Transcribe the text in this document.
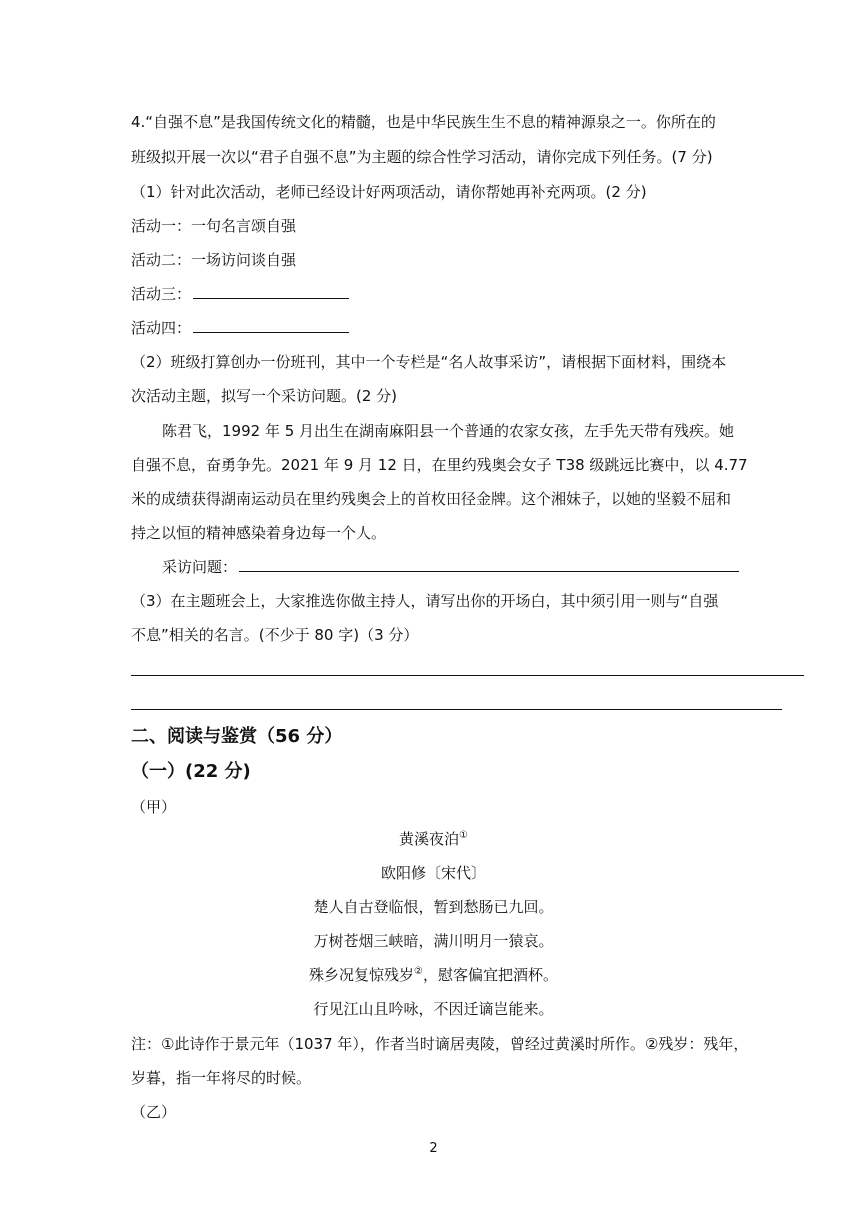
4.“自强不息”是我国传统文化的精髓，也是中华民族生生不息的精神源泉之一。你所在的
班级拟开展一次以“君子自强不息”为主题的综合性学习活动，请你完成下列任务。(7 分)
（1）针对此次活动，老师已经设计好两项活动，请你帮她再补充两项。(2 分)
活动一：一句名言颂自强
活动二：一场访问谈自强
活动三：
活动四：
（2）班级打算创办一份班刊，其中一个专栏是“名人故事采访”，请根据下面材料，围绕本
次活动主题，拟写一个采访问题。(2 分)
陈君飞，1992 年 5 月出生在湖南麻阳县一个普通的农家女孩，左手先天带有残疾。她
自强不息，奋勇争先。2021 年 9 月 12 日，在里约残奥会女子 T38 级跳远比赛中，以 4.77
米的成绩获得湖南运动员在里约残奥会上的首枚田径金牌。这个湘妹子，以她的坚毅不屈和
持之以恒的精神感染着身边每一个人。
采访问题：
（3）在主题班会上，大家推选你做主持人，请写出你的开场白，其中须引用一则与“自强
不息”相关的名言。(不少于 80 字)（3 分）
二、阅读与鉴赏（56 分）
（一）(22 分)
（甲）
黄溪夜泊①
欧阳修〔宋代〕
楚人自古登临恨，暂到愁肠已九回。
万树苍烟三峡暗，满川明月一猿哀。
殊乡况复惊残岁②，慰客偏宜把酒杯。
行见江山且吟咏，不因迁谪岂能来。
注：①此诗作于景元年（1037 年），作者当时谪居夷陵，曾经过黄溪时所作。②残岁：残年，
岁暮，指一年将尽的时候。
（乙）
2
